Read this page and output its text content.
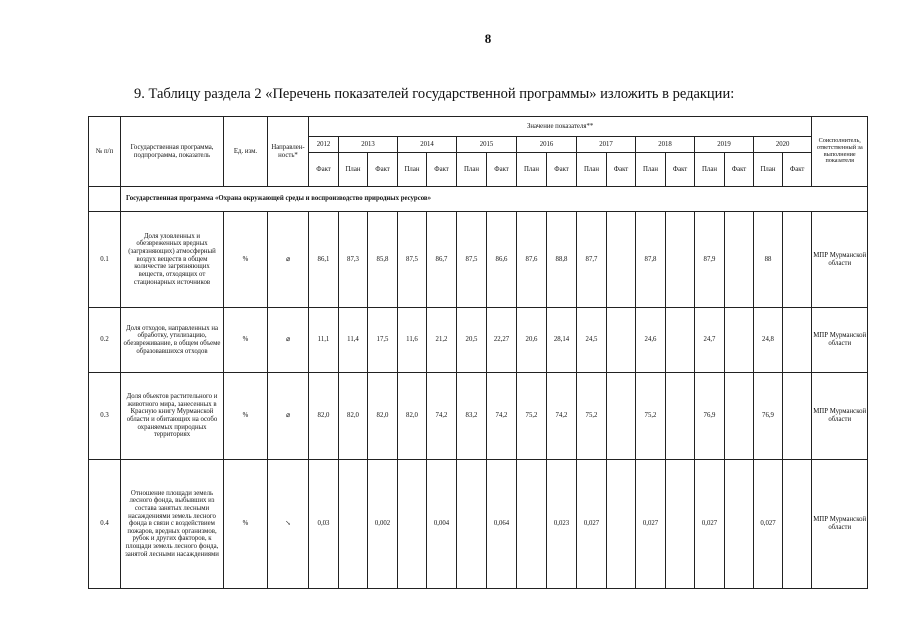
8
9. Таблицу раздела 2 «Перечень показателей государственной программы» изложить в редакции:
№ п/п	Государственная программа, подпрограмма, показатель	Ед. изм.	Направлен-ность*	Значение показателя**																	Соисполнитель, ответственный за выполнение показателя
				2012	2013		2014		2015		2016		2017		2018		2019		2020		
				Факт	План	Факт	План	Факт	План	Факт	План	Факт	План	Факт	План	Факт	План	Факт	План	Факт	
	Государственная программа «Охрана окружающей среды и воспроизводство природных ресурсов»																				
0.1	Доля уловленных и обезвреженных вредных (загрязняющих) атмосферный воздух веществ в общем количестве загрязняющих веществ, отходящих от стационарных источников	%	⌀	86,1	87,3	85,8	87,5	86,7	87,5	86,6	87,6	88,8	87,7		87,8		87,9		88		МПР Мурманской области
0.2	Доля отходов, направленных на обработку, утилизацию, обезвреживание, в общем объеме образовавшихся отходов	%	⌀	11,1	11,4	17,5	11,6	21,2	20,5	22,27	20,6	28,14	24,5		24,6		24,7		24,8		МПР Мурманской области
0.3	Доля объектов растительного и животного мира, занесенных в Красную книгу Мурманской области и обитающих на особо охраняемых природных территориях	%	⌀	82,0	82,0	82,0	82,0	74,2	83,2	74,2	75,2	74,2	75,2		75,2		76,9		76,9		МПР Мурманской области
0.4	Отношение площади земель лесного фонда, выбывших из состава занятых лесными насаждениями земель лесного фонда в связи с воздействием пожаров, вредных организмов, рубок и других факторов, к площади земель лесного фонда, занятой лесными насаждениями	%	↘	0,03		0,002		0,004		0,064		0,023	0,027		0,027		0,027		0,027		МПР Мурманской области
